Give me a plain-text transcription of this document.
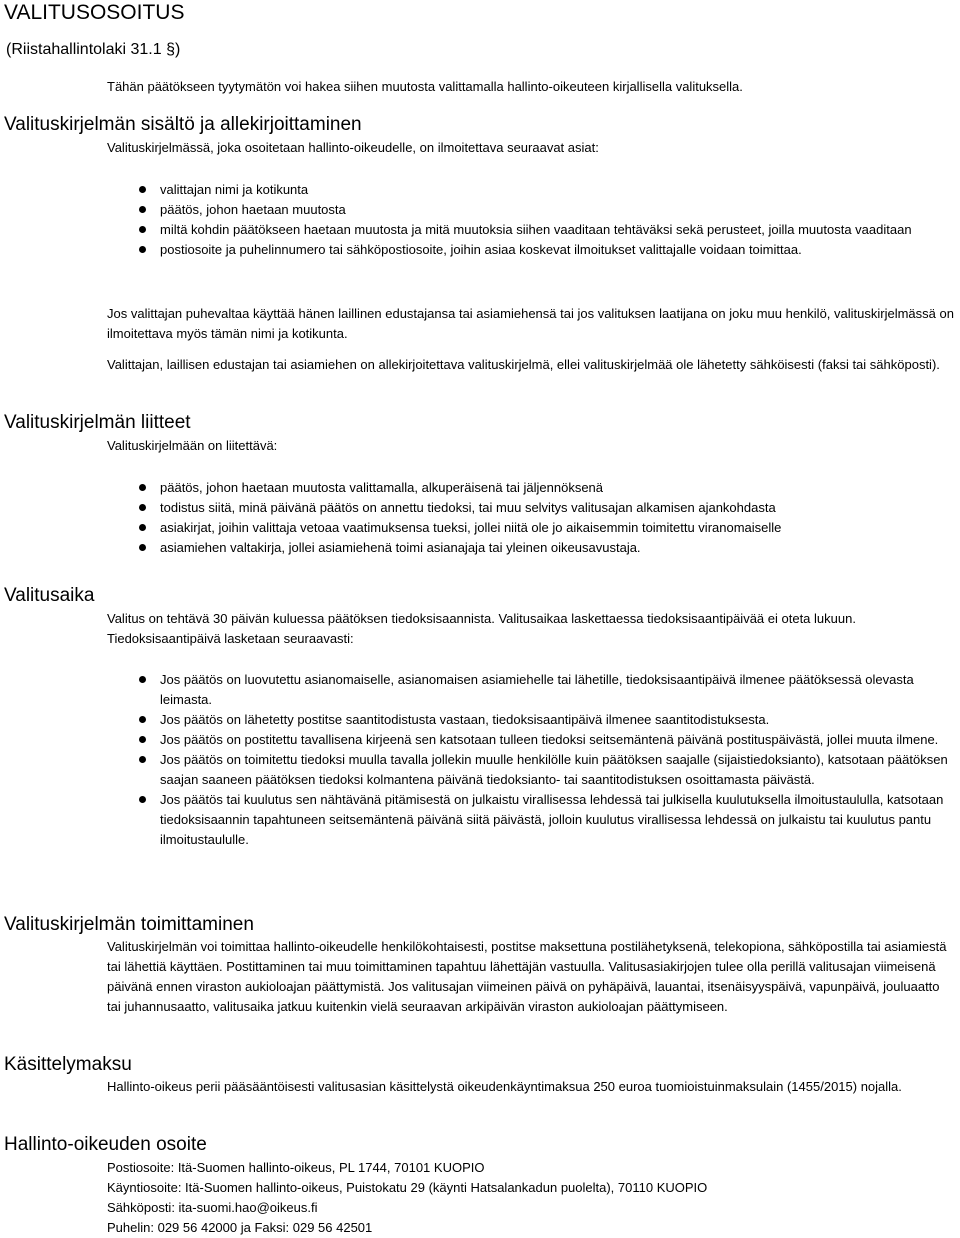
VALITUSOSOITUS
(Riistahallintolaki 31.1 §)
Tähän päätökseen tyytymätön voi hakea siihen muutosta valittamalla hallinto-oikeuteen kirjallisella valituksella.
Valituskirjelmän sisältö ja allekirjoittaminen
Valituskirjelmässä, joka osoitetaan hallinto-oikeudelle, on ilmoitettava seuraavat asiat:
valittajan nimi ja kotikunta
päätös, johon haetaan muutosta
miltä kohdin päätökseen haetaan muutosta ja mitä muutoksia siihen vaaditaan tehtäväksi sekä perusteet, joilla muutosta vaaditaan
postiosoite ja puhelinnumero tai sähköpostiosoite, joihin asiaa koskevat ilmoitukset valittajalle voidaan toimittaa.
Jos valittajan puhevaltaa käyttää hänen laillinen edustajansa tai asiamiehensä tai jos valituksen laatijana on joku muu henkilö, valituskirjelmässä on ilmoitettava myös tämän nimi ja kotikunta.
Valittajan, laillisen edustajan tai asiamiehen on allekirjoitettava valituskirjelmä, ellei valituskirjelmää ole lähetetty sähköisesti (faksi tai sähköposti).
Valituskirjelmän liitteet
Valituskirjelmään on liitettävä:
päätös, johon haetaan muutosta valittamalla, alkuperäisenä tai jäljennöksenä
todistus siitä, minä päivänä päätös on annettu tiedoksi, tai muu selvitys valitusajan alkamisen ajankohdasta
asiakirjat, joihin valittaja vetoaa vaatimuksensa tueksi, jollei niitä ole jo aikaisemmin toimitettu viranomaiselle
asiamiehen valtakirja, jollei asiamiehenä toimi asianajaja tai yleinen oikeusavustaja.
Valitusaika
Valitus on tehtävä 30 päivän kuluessa päätöksen tiedoksisaannista. Valitusaikaa laskettaessa tiedoksisaantipäivää ei oteta lukuun. Tiedoksisaantipäivä lasketaan seuraavasti:
Jos päätös on luovutettu asianomaiselle, asianomaisen asiamiehelle tai lähetille, tiedoksisaantipäivä ilmenee päätöksessä olevasta leimasta.
Jos päätös on lähetetty postitse saantitodistusta vastaan, tiedoksisaantipäivä ilmenee saantitodistuksesta.
Jos päätös on postitettu tavallisena kirjeenä sen katsotaan tulleen tiedoksi seitsemäntenä päivänä postituspäivästä, jollei muuta ilmene.
Jos päätös on toimitettu tiedoksi muulla tavalla jollekin muulle henkilölle kuin päätöksen saajalle (sijaistiedoksianto), katsotaan päätöksen saajan saaneen päätöksen tiedoksi kolmantena päivänä tiedoksianto- tai saantitodistuksen osoittamasta päivästä.
Jos päätös tai kuulutus sen nähtävänä pitämisestä on julkaistu virallisessa lehdessä tai julkisella kuulutuksella ilmoitustaululla, katsotaan tiedoksisaannin tapahtuneen seitsemäntenä päivänä siitä päivästä, jolloin kuulutus virallisessa lehdessä on julkaistu tai kuulutus pantu ilmoitustaululle.
Valituskirjelmän toimittaminen
Valituskirjelmän voi toimittaa hallinto-oikeudelle henkilökohtaisesti, postitse maksettuna postilähetyksenä, telekopiona, sähköpostilla tai asiamiestä tai lähettiä käyttäen. Postittaminen tai muu toimittaminen tapahtuu lähettäjän vastuulla. Valitusasiakirjojen tulee olla perillä valitusajan viimeisenä päivänä ennen viraston aukioloajan päättymistä. Jos valitusajan viimeinen päivä on pyhäpäivä, lauantai, itsenäisyyspäivä, vapunpäivä, jouluaatto tai juhannusaatto, valitusaika jatkuu kuitenkin vielä seuraavan arkipäivän viraston aukioloajan päättymiseen.
Käsittelymaksu
Hallinto-oikeus perii pääsääntöisesti valitusasian käsittelystä oikeudenkäyntimaksua 250 euroa tuomioistuinmaksulain (1455/2015) nojalla.
Hallinto-oikeuden osoite
Postiosoite: Itä-Suomen hallinto-oikeus, PL 1744, 70101 KUOPIO
Käyntiosoite: Itä-Suomen hallinto-oikeus, Puistokatu 29 (käynti Hatsalankadun puolelta), 70110 KUOPIO
Sähköposti: ita-suomi.hao@oikeus.fi
Puhelin: 029 56 42000 ja Faksi: 029 56 42501
